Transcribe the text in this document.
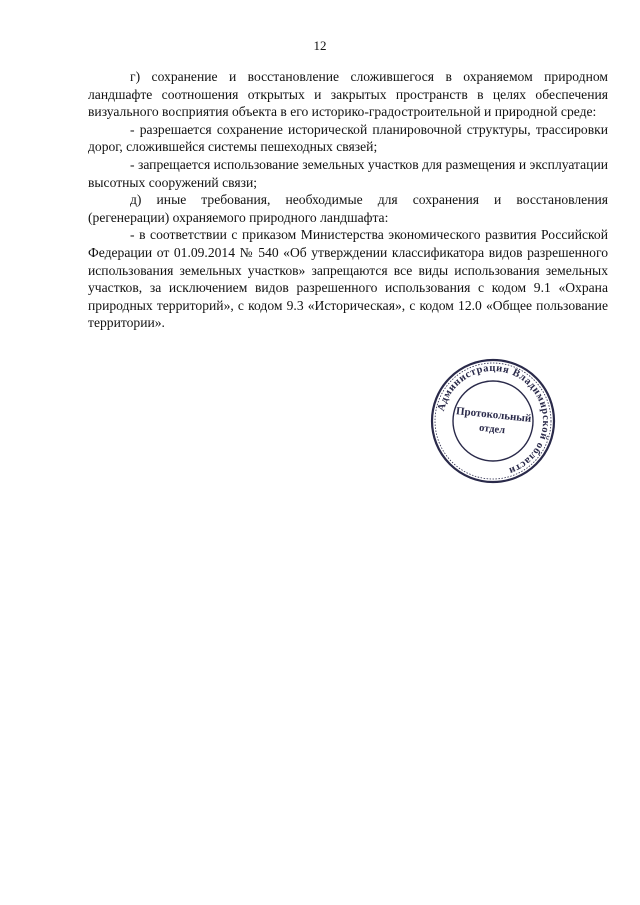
12

г) сохранение и восстановление сложившегося в охраняемом природном ландшафте соотношения открытых и закрытых пространств в целях обеспечения визуального восприятия объекта в его историко-градостроительной и природной среде:

- разрешается сохранение исторической планировочной структуры, трассировки дорог, сложившейся системы пешеходных связей;

- запрещается использование земельных участков для размещения и эксплуатации высотных сооружений связи;

д) иные требования, необходимые для сохранения и восстановления (регенерации) охраняемого природного ландшафта:

- в соответствии с приказом Министерства экономического развития Российской Федерации от 01.09.2014 № 540 «Об утверждении классификатора видов разрешенного использования земельных участков» запрещаются все виды использования земельных участков, за исключением видов разрешенного использования с кодом 9.1 «Охрана природных территорий», с кодом 9.3 «Историческая», с кодом 12.0 «Общее пользование территории».

Администрация Владимирской области
Протокольный
отдел
